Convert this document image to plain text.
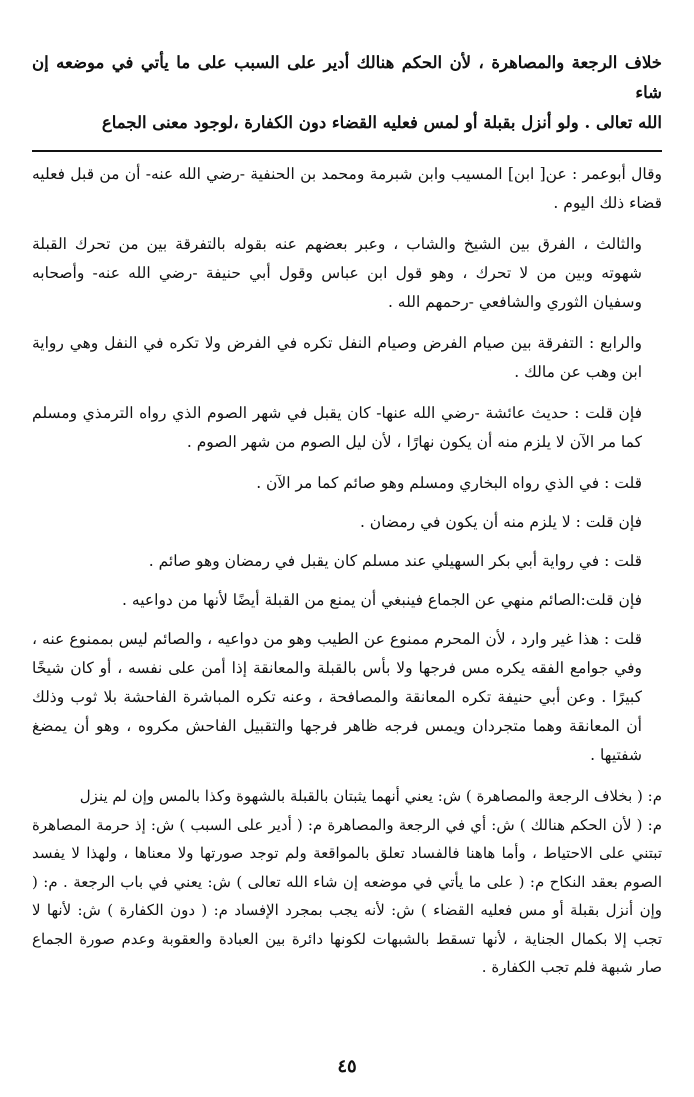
خلاف الرجعة والمصاهرة ، لأن الحكم هنالك أدير على السبب على ما يأتي في موضعه إن شاء
الله تعالى . ولو أنزل بقبلة أو لمس فعليه القضاء دون الكفارة ،لوجود معنى الجماع

وقال أبوعمر : عن[ ابن] المسيب وابن شبرمة ومحمد بن الحنفية -رضي الله عنه- أن من قبل فعليه قضاء ذلك اليوم .

والثالث ، الفرق بين الشيخ والشاب ، وعبر بعضهم عنه بقوله بالتفرقة بين من تحرك القبلة شهوته وبين من لا تحرك ، وهو قول ابن عباس وقول أبي حنيفة -رضي الله عنه- وأصحابه وسفيان الثوري والشافعي -رحمهم الله .

والرابع : التفرقة بين صيام الفرض وصيام النفل تكره في الفرض ولا تكره في النفل وهي رواية ابن وهب عن مالك .

فإن قلت : حديث عائشة -رضي الله عنها- كان يقبل في شهر الصوم الذي رواه الترمذي ومسلم كما مر الآن لا يلزم منه أن يكون نهارًا ، لأن ليل الصوم من شهر الصوم .

قلت : في الذي رواه البخاري ومسلم وهو صائم كما مر الآن .

فإن قلت : لا يلزم منه أن يكون في رمضان .

قلت : في رواية أبي بكر السهيلي عند مسلم كان يقبل في رمضان وهو صائم .

فإن قلت:الصائم منهي عن الجماع فينبغي أن يمنع من القبلة أيضًا لأنها من دواعيه .

قلت : هذا غير وارد ، لأن المحرم ممنوع عن الطيب وهو من دواعيه ، والصائم ليس بممنوع عنه ، وفي جوامع الفقه يكره مس فرجها ولا بأس بالقبلة والمعانقة إذا أمن على نفسه ، أو كان شيخًا كبيرًا . وعن أبي حنيفة تكره المعانقة والمصافحة ، وعنه تكره المباشرة الفاحشة بلا ثوب وذلك أن المعانقة وهما متجردان ويمس فرجه ظاهر فرجها والتقبيل الفاحش مكروه ، وهو أن يمضغ شفتيها .

م: ( بخلاف الرجعة والمصاهرة ) ش: يعني أنهما يثبتان بالقبلة بالشهوة وكذا بالمس وإن لم ينزل

م: ( لأن الحكم هنالك ) ش: أي في الرجعة والمصاهرة م: ( أدير على السبب ) ش: إذ حرمة المصاهرة تبتني على الاحتياط ، وأما هاهنا فالفساد تعلق بالمواقعة ولم توجد صورتها ولا معناها ، ولهذا لا يفسد الصوم بعقد النكاح م: ( على ما يأتي في موضعه إن شاء الله تعالى ) ش: يعني في باب الرجعة . م: ( وإن أنزل بقبلة أو مس فعليه القضاء ) ش: لأنه يجب بمجرد الإفساد م: ( دون الكفارة ) ش: لأنها لا تجب إلا بكمال الجناية ، لأنها تسقط بالشبهات لكونها دائرة بين العبادة والعقوبة وعدم صورة الجماع صار شبهة فلم تجب الكفارة .

٤٥
